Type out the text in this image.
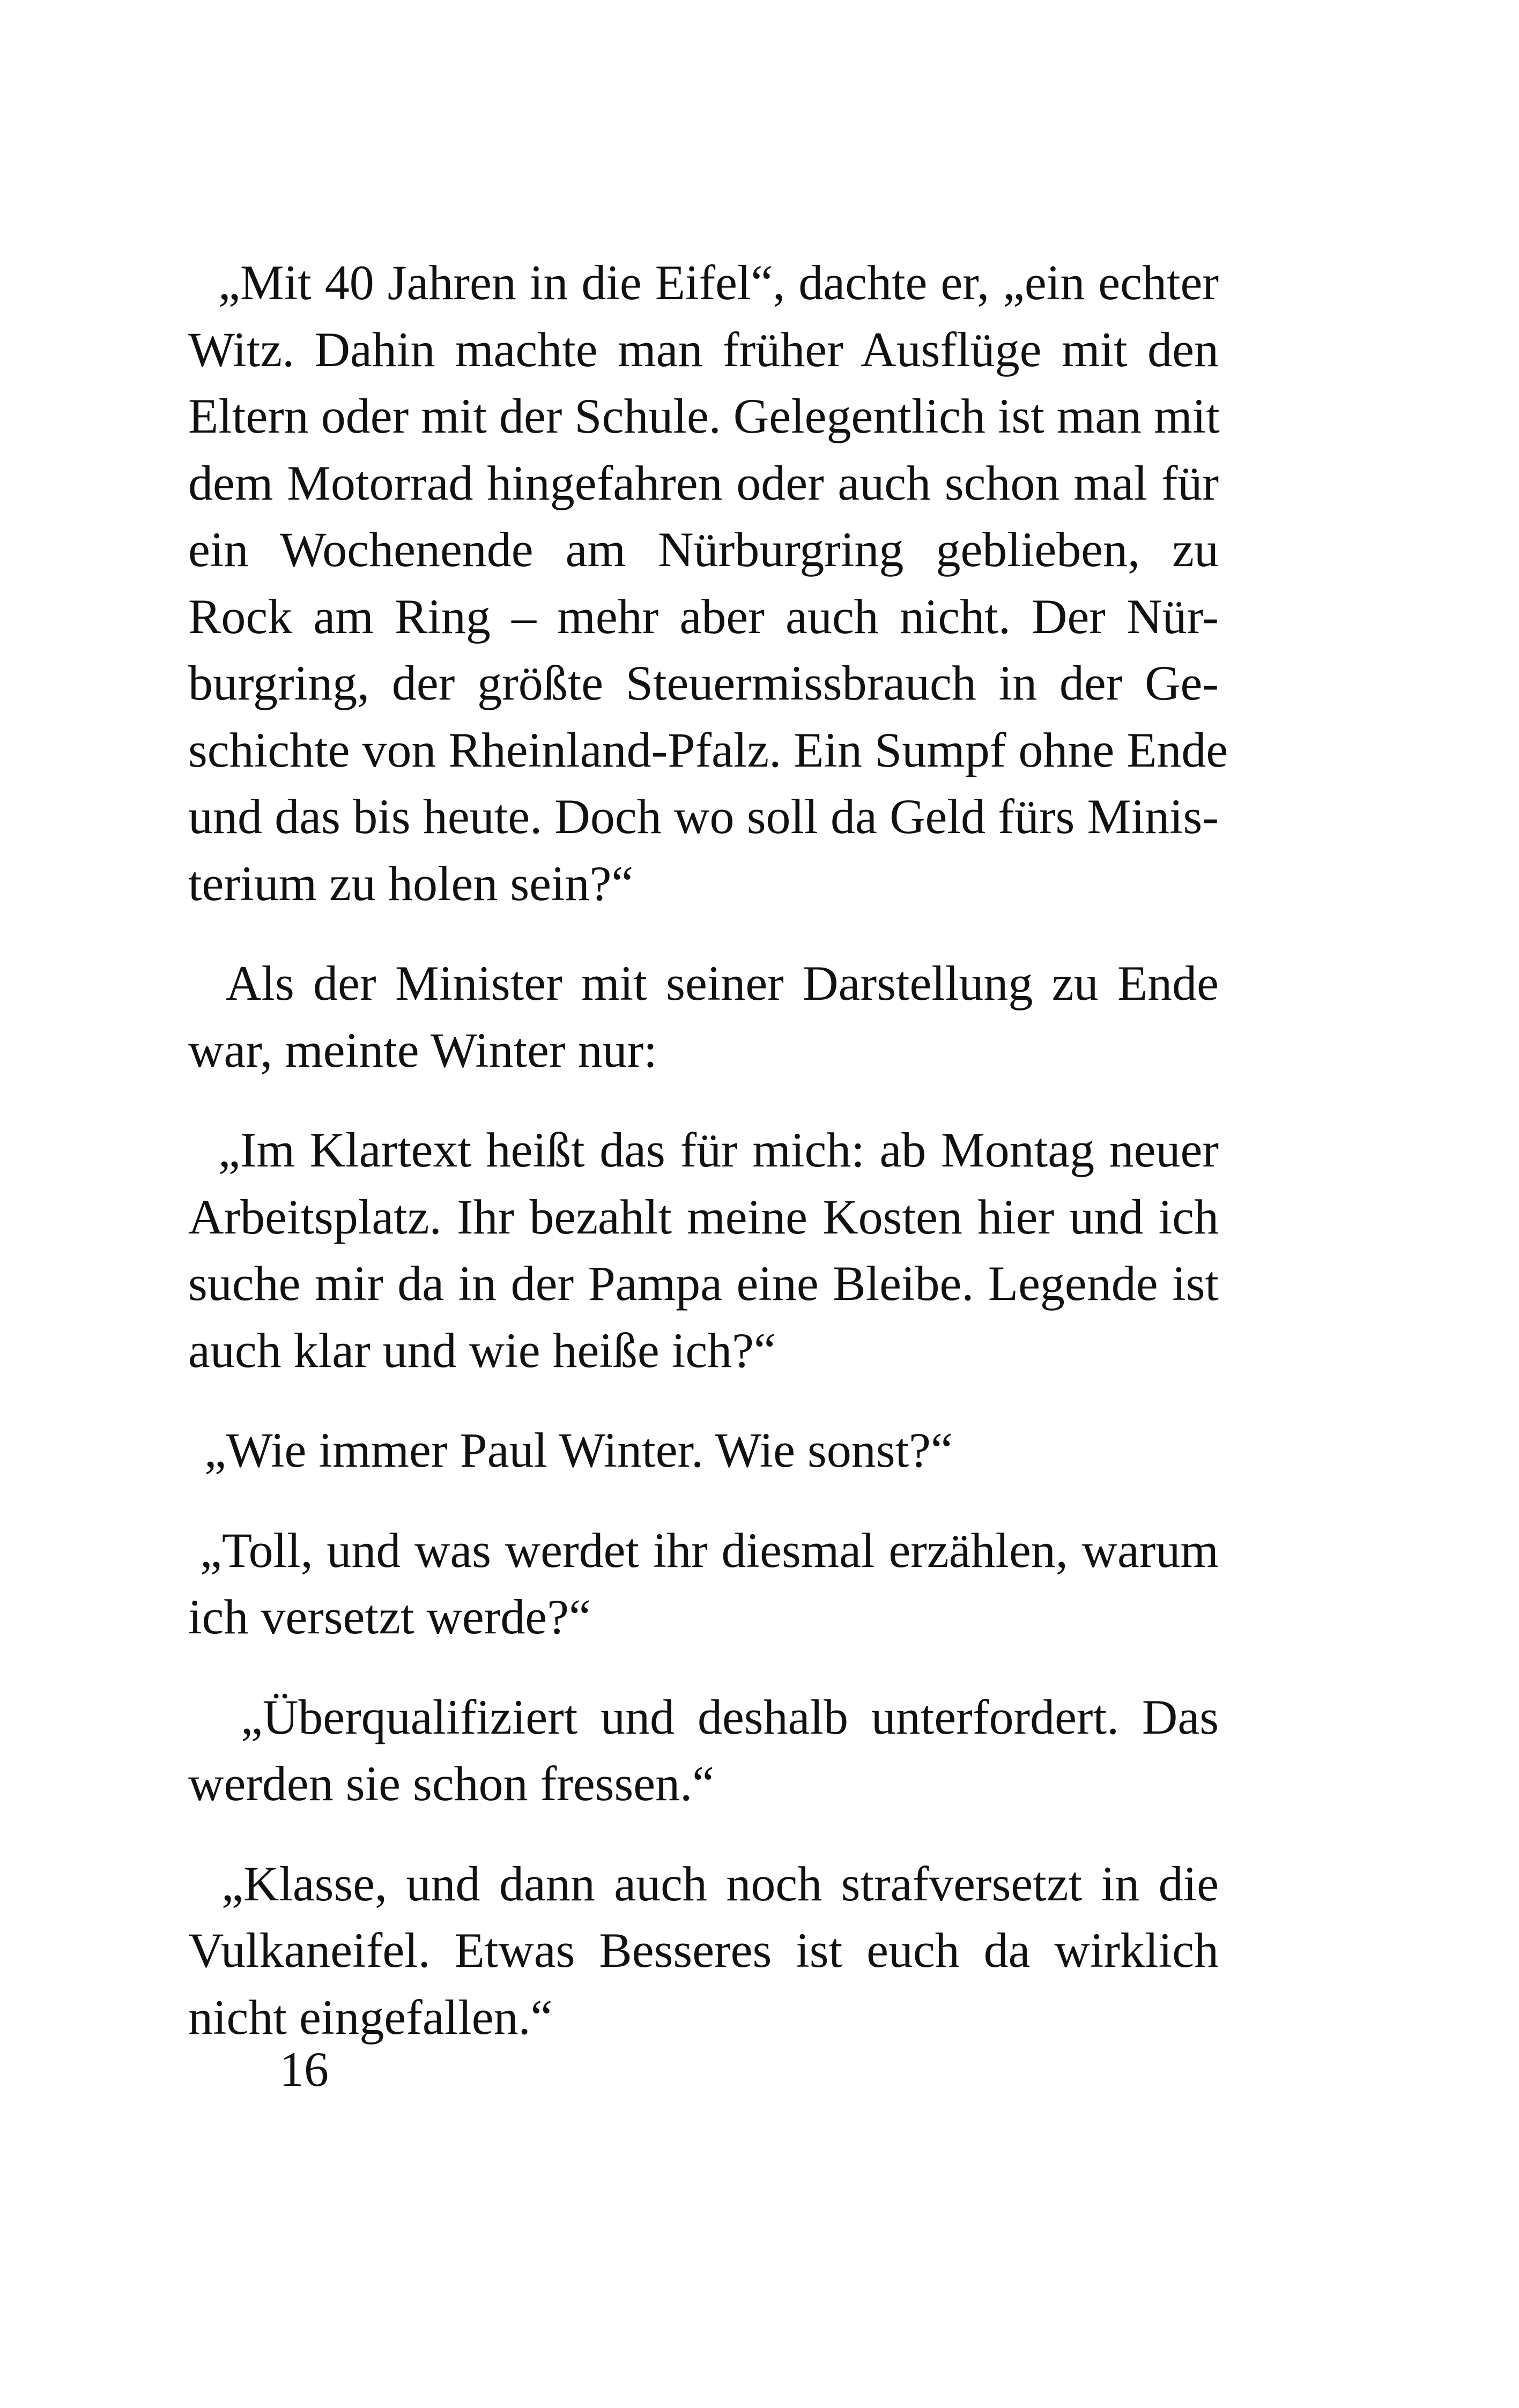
„Mit 40 Jahren in die Eifel“, dachte er, „ein echter
Witz. Dahin machte man früher Ausflüge mit den
Eltern oder mit der Schule. Gelegentlich ist man mit
dem Motorrad hingefahren oder auch schon mal für
ein Wochenende am Nürburgring geblieben, zu
Rock am Ring – mehr aber auch nicht. Der Nür-
burgring, der größte Steuermissbrauch in der Ge-
schichte von Rheinland-Pfalz. Ein Sumpf ohne Ende
und das bis heute. Doch wo soll da Geld fürs Minis-
terium zu holen sein?“

Als der Minister mit seiner Darstellung zu Ende
war, meinte Winter nur:

„Im Klartext heißt das für mich: ab Montag neuer
Arbeitsplatz. Ihr bezahlt meine Kosten hier und ich
suche mir da in der Pampa eine Bleibe. Legende ist
auch klar und wie heiße ich?“

„Wie immer Paul Winter. Wie sonst?“

„Toll, und was werdet ihr diesmal erzählen, warum
ich versetzt werde?“

„Überqualifiziert und deshalb unterfordert. Das
werden sie schon fressen.“

„Klasse, und dann auch noch strafversetzt in die
Vulkaneifel. Etwas Besseres ist euch da wirklich
nicht eingefallen.“

16
